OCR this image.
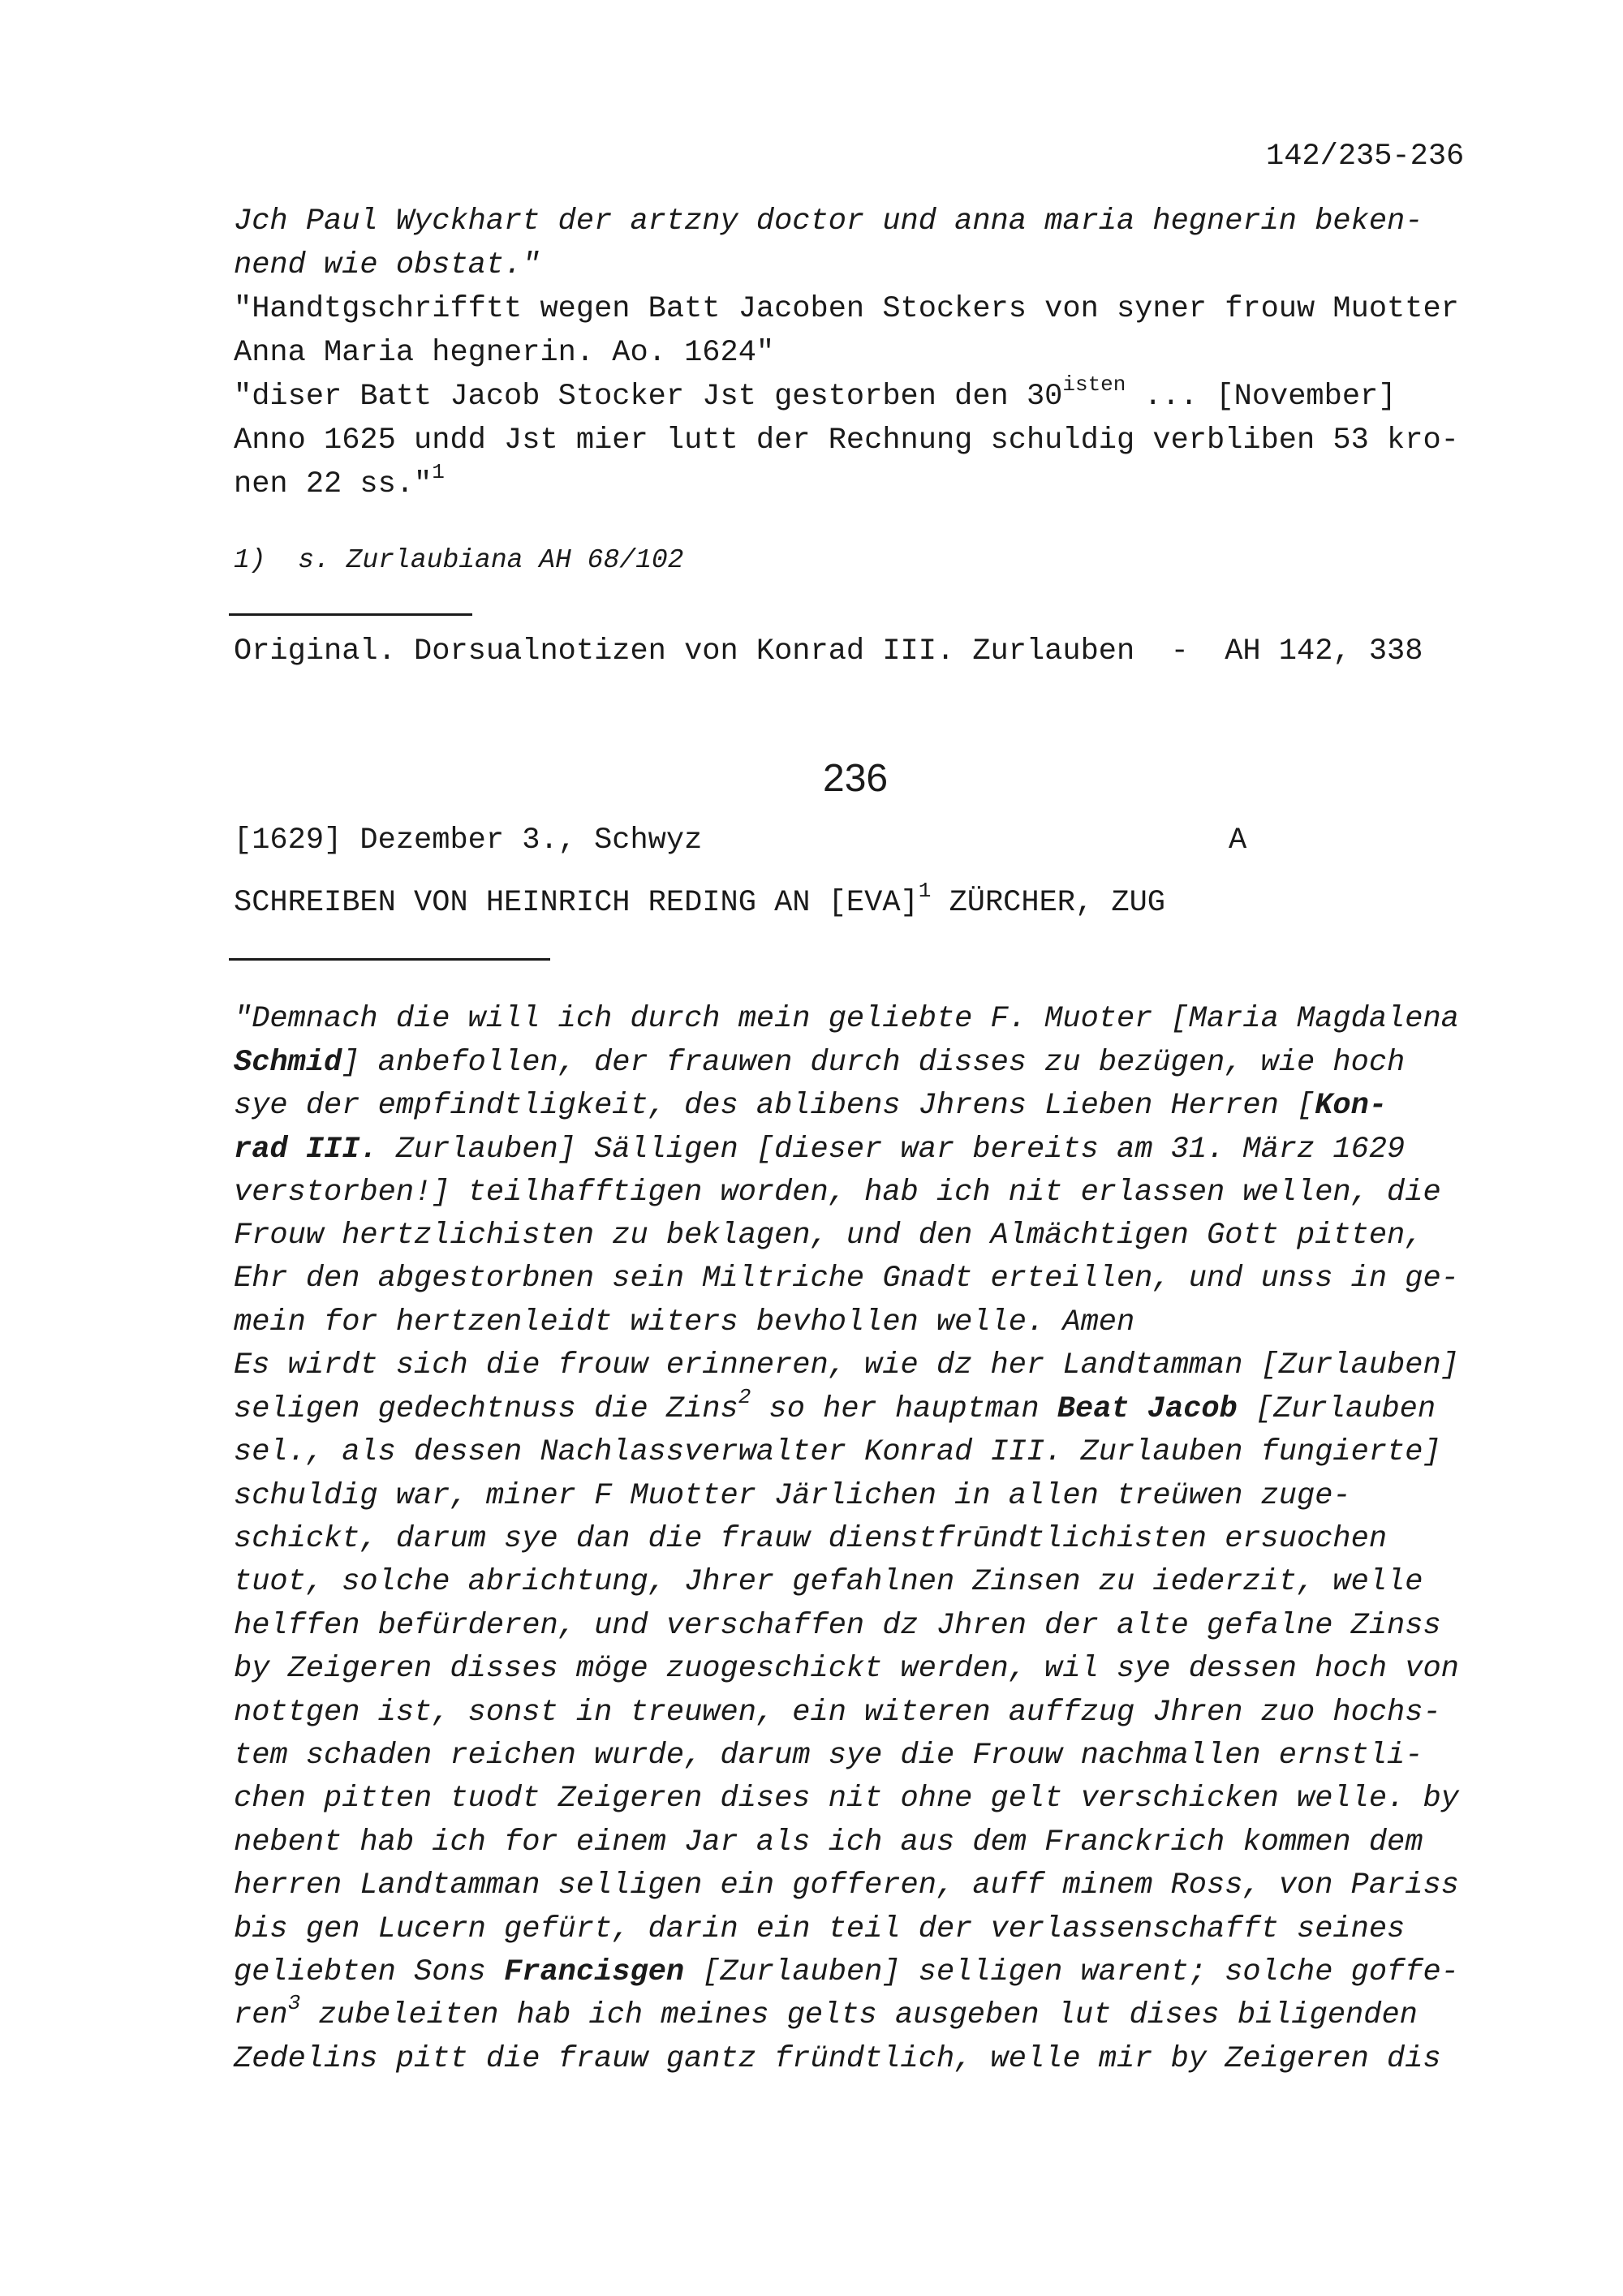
142/235-236
Jch Paul Wyckhart der artzny doctor und anna maria hegnerin beken-
nend wie obstat."
"Handtgschrifftt wegen Batt Jacoben Stockers von syner frouw Muotter
Anna Maria hegnerin. Ao. 1624"
"diser Batt Jacob Stocker Jst gestorben den $30^{isten}$ ... [November]
Anno 1625 undd Jst mier lutt der Rechnung schuldig verbliben 53 kro-
nen 22 ss."$^1$
1)  s. Zurlaubiana AH 68/102
Original. Dorsualnotizen von Konrad III. Zurlauben  -  AH 142, 338
236
[1629] Dezember 3., Schwyz	A
SCHREIBEN VON HEINRICH REDING AN [EVA]$^1$ ZÜRCHER, ZUG
"Demnach die will ich durch mein geliebte F. Muoter [Maria Magdalena
Schmid] anbefollen, der frauwen durch disses zu bezügen, wie hoch
sye der empfindtligkeit, des ablibens Jhrens Lieben Herren [Kon-
rad III. Zurlauben] Sälligen [dieser war bereits am 31. März 1629
verstorben!] teilhafftigen worden, hab ich nit erlassen wellen, die
Frouw hertzlichisten zu beklagen, und den Almächtigen Gott pitten,
Ehr den abgestorbnen sein Miltriche Gnadt erteillen, und unss in ge-
mein for hertzenleidt witers bevhollen welle. Amen
Es wirdt sich die frouw erinneren, wie dz her Landtamman [Zurlauben]
seligen gedechtnuss die Zins$^2$ so her hauptman Beat Jacob [Zurlauben
sel., als dessen Nachlassverwalter Konrad III. Zurlauben fungierte]
schuldig war, miner F Muotter Järlichen in allen treüwen zuge-
schickt, darum sye dan die frauw dienstfrūndtlichisten ersuochen
tuot, solche abrichtung, Jhrer gefahlnen Zinsen zu iederzit, welle
helffen befürderen, und verschaffen dz Jhren der alte gefalne Zinss
by Zeigeren disses möge zuogeschickt werden, wil sye dessen hoch von
nottgen ist, sonst in treuwen, ein witeren auffzug Jhren zuo hochs-
tem schaden reichen wurde, darum sye die Frouw nachmallen ernstli-
chen pitten tuodt Zeigeren dises nit ohne gelt verschicken welle. by
nebent hab ich for einem Jar als ich aus dem Franckrich kommen dem
herren Landtamman selligen ein gofferen, auff minem Ross, von Pariss
bis gen Lucern gefürt, darin ein teil der verlassenschafft seines
geliebten Sons Francisgen [Zurlauben] selligen warent; solche goffe-
ren$^3$ zubeleiten hab ich meines gelts ausgeben lut dises biligenden
Zedelins pitt die frauw gantz fründtlich, welle mir by Zeigeren dis
